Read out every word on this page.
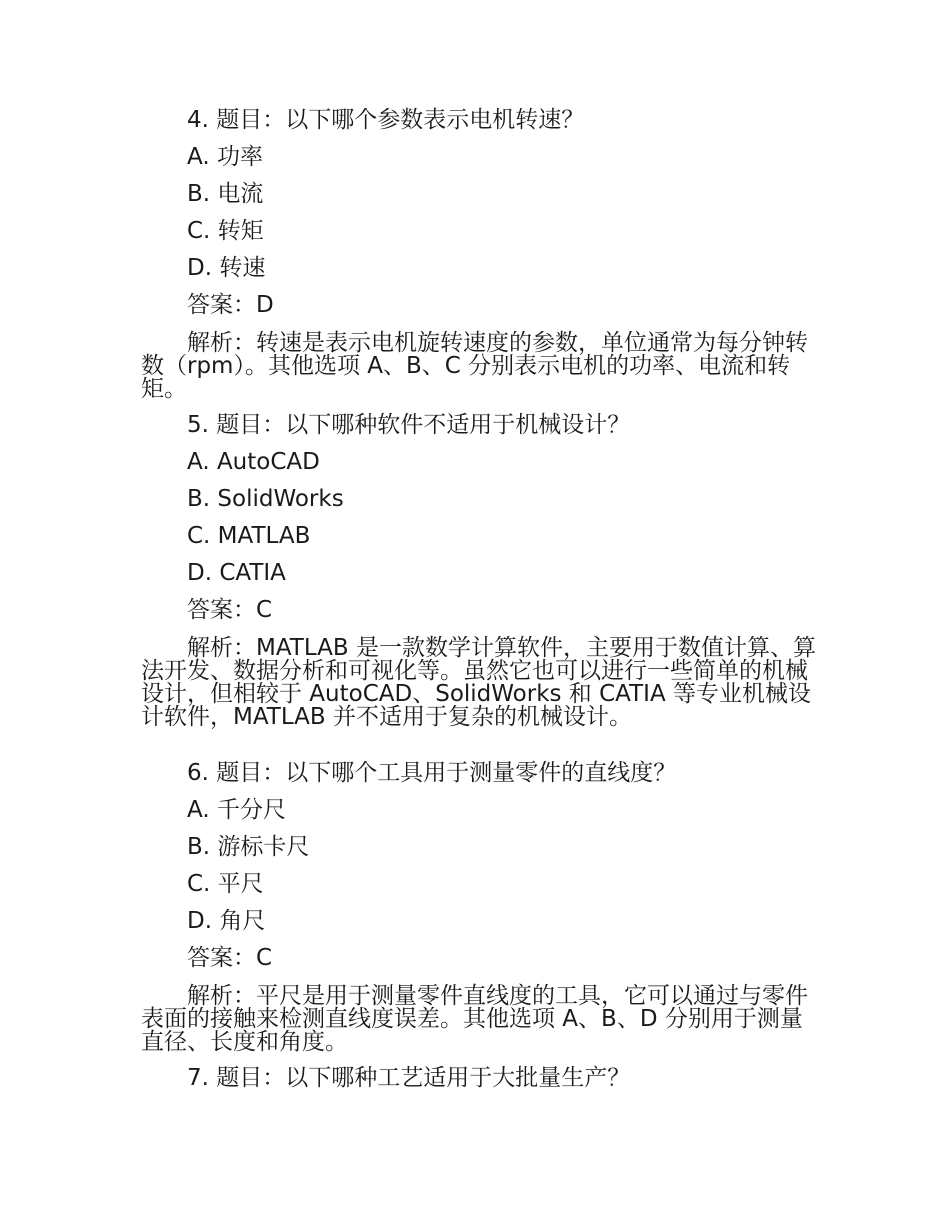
4. 题目：以下哪个参数表示电机转速？
A. 功率
B. 电流
C. 转矩
D. 转速
答案：D
解析：转速是表示电机旋转速度的参数，单位通常为每分钟转数（rpm）。其他选项 A、B、C 分别表示电机的功率、电流和转矩。
5. 题目：以下哪种软件不适用于机械设计？
A. AutoCAD
B. SolidWorks
C. MATLAB
D. CATIA
答案：C
解析：MATLAB 是一款数学计算软件，主要用于数值计算、算法开发、数据分析和可视化等。虽然它也可以进行一些简单的机械设计，但相较于 AutoCAD、SolidWorks 和 CATIA 等专业机械设计软件，MATLAB 并不适用于复杂的机械设计。
6. 题目：以下哪个工具用于测量零件的直线度？
A. 千分尺
B. 游标卡尺
C. 平尺
D. 角尺
答案：C
解析：平尺是用于测量零件直线度的工具，它可以通过与零件表面的接触来检测直线度误差。其他选项 A、B、D 分别用于测量直径、长度和角度。
7. 题目：以下哪种工艺适用于大批量生产？
